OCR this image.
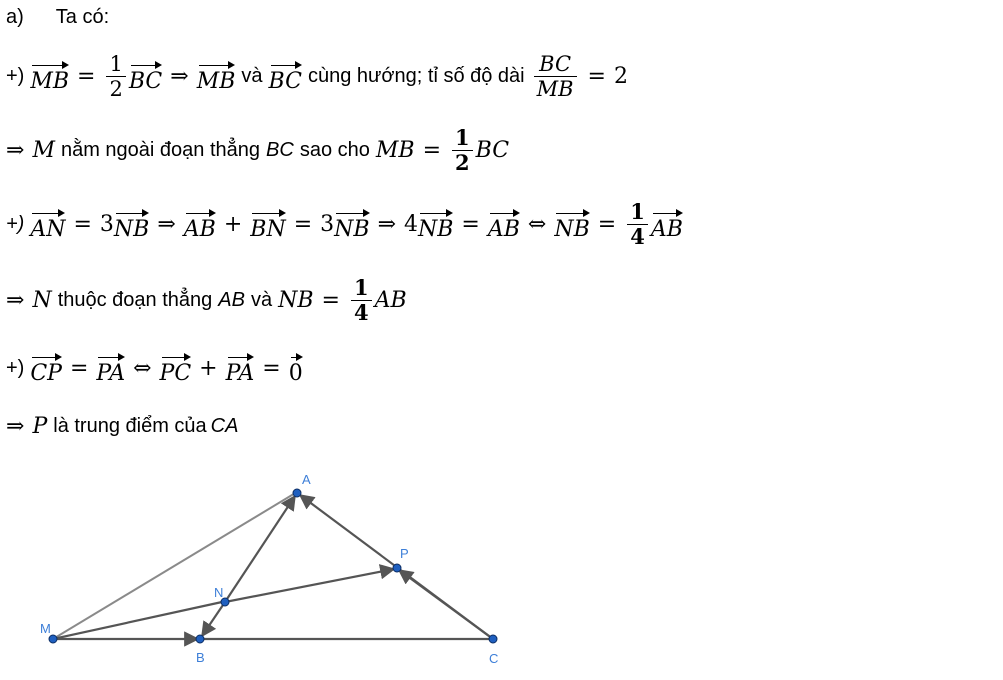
a) Ta có:
+) MB = $\frac{1}{2}$ BC ⇒ MB và BC cùng hướng; tỉ số độ dài $\frac{BC}{MB} = 2$
⇒ M nằm ngoài đoạn thẳng BC sao cho MB = $\frac{1}{2}$ BC
+) AN = 3 NB ⇒ AB + BN = 3 NB ⇒ 4 NB = AB ⇔ NB = $\frac{1}{4}$ AB
⇒ N thuộc đoạn thẳng AB và NB = $\frac{1}{4}$ AB
+) CP = PA ⇔ PC + PA = 0
⇒ P là trung điểm của CA
A
B	C
M
N
P
